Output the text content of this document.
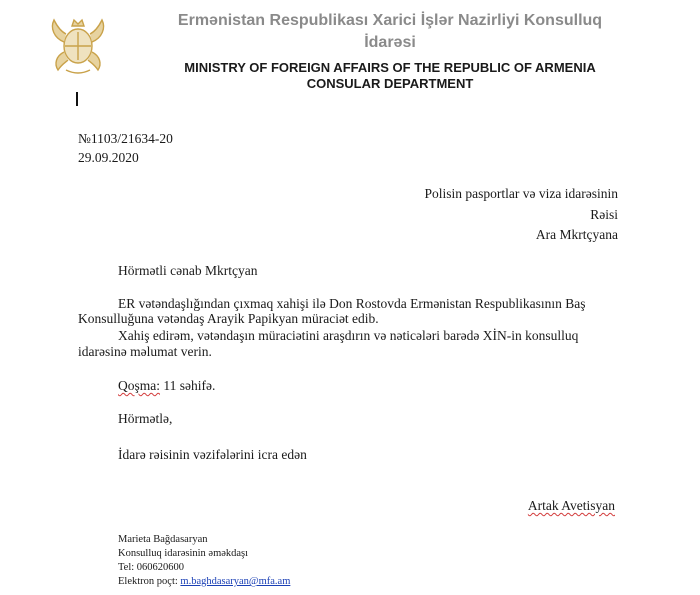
Ermənistan Respublikası Xarici İşlər Nazirliyi Konsulluq İdarəsi
MINISTRY OF FOREIGN AFFAIRS OF THE REPUBLIC OF ARMENIA
CONSULAR DEPARTMENT
№1103/21634-20
29.09.2020
Polisin pasportlar və viza idarəsinin
Rəisi
Ara Mkrtçyana
Hörmətli cənab Mkrtçyan
ER vətəndaşlığından çıxmaq xahişi ilə Don Rostovda Ermənistan Respublikasının Baş
Konsulluğuna vətəndaş Arayik Papikyan müraciət edib.
Xahiş edirəm, vətəndaşın müraciətini araşdırın və nəticələri barədə XİN-in konsulluq
idarəsinə məlumat verin.
Qoşma: 11 səhifə.
Hörmətlə,
İdarə rəisinin vəzifələrini icra edən
Artak Avetisyan
Marieta Bağdasaryan
Konsulluq idarəsinin əməkdaşı
Tel: 060620600
Elektron poçt: m.baghdasaryan@mfa.am
